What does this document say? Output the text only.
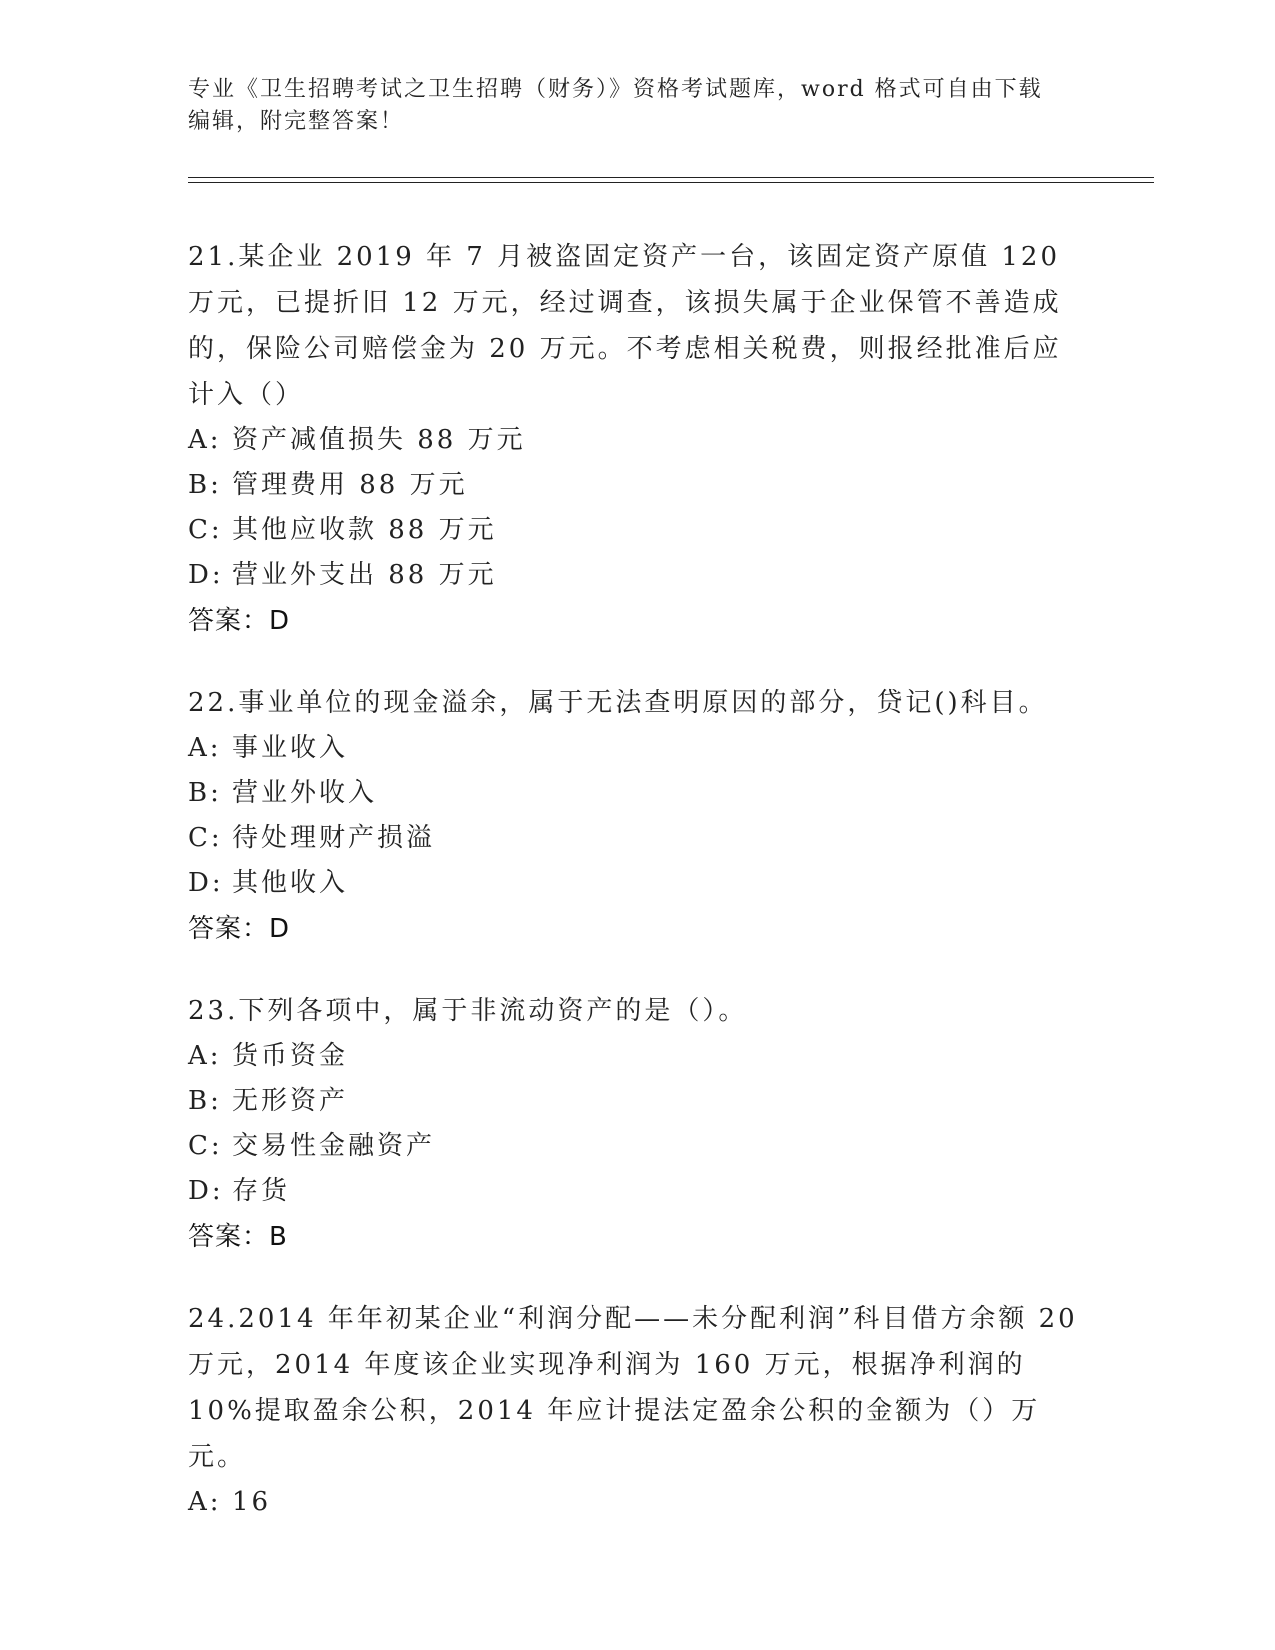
专业《卫生招聘考试之卫生招聘（财务）》资格考试题库，word 格式可自由下载
编辑，附完整答案！
21.某企业 2019 年 7 月被盗固定资产一台，该固定资产原值 120 万元，已提折旧 12 万元，经过调查，该损失属于企业保管不善造成的，保险公司赔偿金为 20 万元。不考虑相关税费，则报经批准后应计入（）
A: 资产减值损失 88 万元
B: 管理费用 88 万元
C: 其他应收款 88 万元
D: 营业外支出 88 万元
答案：D
22.事业单位的现金溢余，属于无法查明原因的部分，贷记()科目。
A: 事业收入
B: 营业外收入
C: 待处理财产损溢
D: 其他收入
答案：D
23.下列各项中，属于非流动资产的是（）。
A: 货币资金
B: 无形资产
C: 交易性金融资产
D: 存货
答案：B
24.2014 年年初某企业“利润分配——未分配利润”科目借方余额 20 万元，2014 年度该企业实现净利润为 160 万元，根据净利润的 10%提取盈余公积，2014 年应计提法定盈余公积的金额为（）万元。
A: 16
